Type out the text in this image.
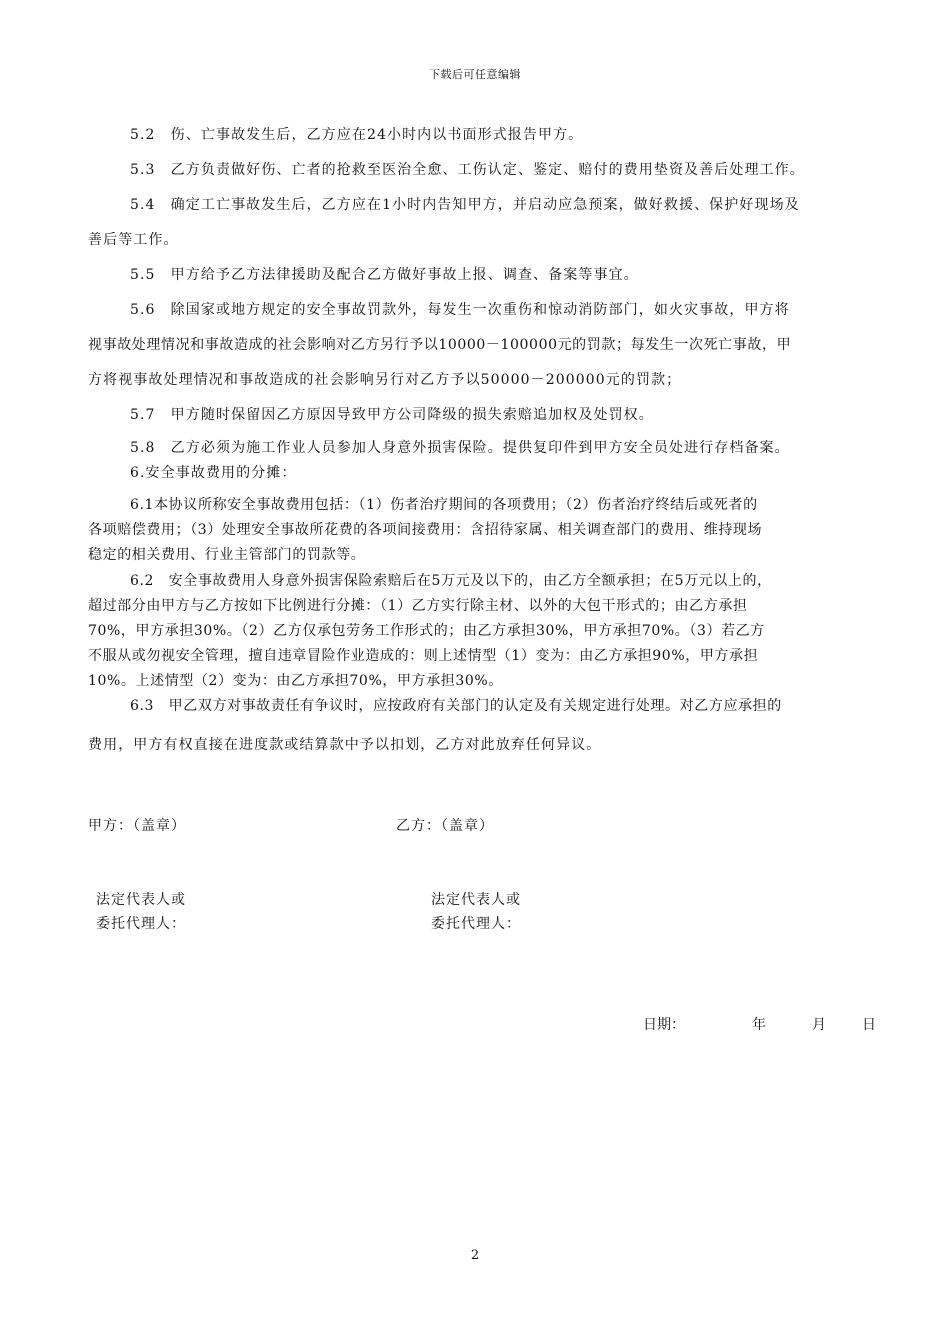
下载后可任意编辑
5.2　伤、亡事故发生后，乙方应在24小时内以书面形式报告甲方。
5.3　乙方负责做好伤、亡者的抢救至医治全愈、工伤认定、鉴定、赔付的费用垫资及善后处理工作。
5.4　确定工亡事故发生后，乙方应在1小时内告知甲方，并启动应急预案，做好救援、保护好现场及
善后等工作。
5.5　甲方给予乙方法律援助及配合乙方做好事故上报、调查、备案等事宜。
5.6　除国家或地方规定的安全事故罚款外，每发生一次重伤和惊动消防部门，如火灾事故，甲方将
视事故处理情况和事故造成的社会影响对乙方另行予以10000－100000元的罚款；每发生一次死亡事故，甲
方将视事故处理情况和事故造成的社会影响另行对乙方予以50000－200000元的罚款；
5.7　甲方随时保留因乙方原因导致甲方公司降级的损失索赔追加权及处罚权。
5.8　乙方必须为施工作业人员参加人身意外损害保险。提供复印件到甲方安全员处进行存档备案。
6.安全事故费用的分摊：
6.1本协议所称安全事故费用包括：（1）伤者治疗期间的各项费用；（2）伤者治疗终结后或死者的
各项赔偿费用；（3）处理安全事故所花费的各项间接费用：含招待家属、相关调查部门的费用、维持现场
稳定的相关费用、行业主管部门的罚款等。
6.2　安全事故费用人身意外损害保险索赔后在5万元及以下的，由乙方全额承担；在5万元以上的，
超过部分由甲方与乙方按如下比例进行分摊：（1）乙方实行除主材、以外的大包干形式的；由乙方承担
70%，甲方承担30%。（2）乙方仅承包劳务工作形式的；由乙方承担30%，甲方承担70%。（3）若乙方
不服从或勿视安全管理，擅自违章冒险作业造成的：则上述情型（1）变为：由乙方承担90%，甲方承担
10%。上述情型（2）变为：由乙方承担70%，甲方承担30%。
6.3　甲乙双方对事故责任有争议时，应按政府有关部门的认定及有关规定进行处理。对乙方应承担的
费用，甲方有权直接在进度款或结算款中予以扣划，乙方对此放弃任何异议。
甲方：（盖章）	乙方：（盖章）
法定代表人或
委托代理人：
法定代表人或
委托代理人：
日期：	年	月	日
2
